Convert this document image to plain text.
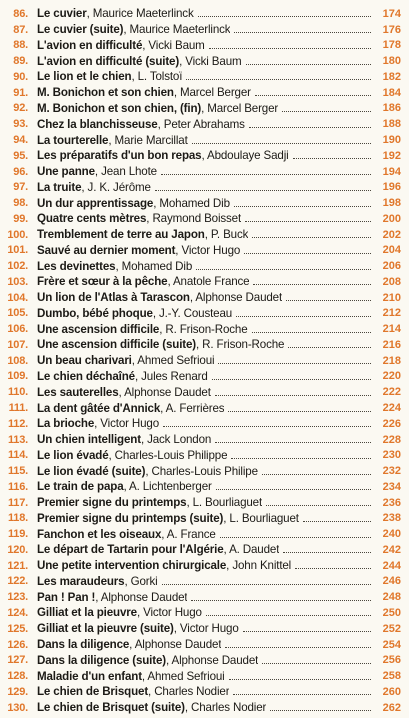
86. Le cuvier, Maurice Maeterlinck	174
87. Le cuvier (suite), Maurice Maeterlinck	176
88. L'avion en difficulté, Vicki Baum	178
89. L'avion en difficulté (suite), Vicki Baum	180
90. Le lion et le chien, L. Tolstoï	182
91. M. Bonichon et son chien, Marcel Berger	184
92. M. Bonichon et son chien, (fin), Marcel Berger	186
93. Chez la blanchisseuse, Peter Abrahams	188
94. La tourterelle, Marie Marcillat	190
95. Les préparatifs d'un bon repas, Abdoulaye Sadji	192
96. Une panne, Jean Lhote	194
97. La truite, J. K. Jérôme	196
98. Un dur apprentissage, Mohamed Dib	198
99. Quatre cents mètres, Raymond Boisset	200
100. Tremblement de terre au Japon, P. Buck	202
101. Sauvé au dernier moment, Victor Hugo	204
102. Les devinettes, Mohamed Dib	206
103. Frère et sœur à la pêche, Anatole France	208
104. Un lion de l'Atlas à Tarascon, Alphonse Daudet	210
105. Dumbo, bébé phoque, J.-Y. Cousteau	212
106. Une ascension difficile, R. Frison-Roche	214
107. Une ascension difficile (suite), R. Frison-Roche	216
108. Un beau charivari, Ahmed Sefrioui	218
109. Le chien déchaîné, Jules Renard	220
110. Les sauterelles, Alphonse Daudet	222
111. La dent gâtée d'Annick, A. Ferrières	224
112. La brioche, Victor Hugo	226
113. Un chien intelligent, Jack London	228
114. Le lion évadé, Charles-Louis Philippe	230
115. Le lion évadé (suite), Charles-Louis Philipe	232
116. Le train de papa, A. Lichtenberger	234
117. Premier signe du printemps, L. Bourliaguet	236
118. Premier signe du printemps (suite), L. Bourliaguet	238
119. Fanchon et les oiseaux, A. France	240
120. Le départ de Tartarin pour l'Algérie, A. Daudet	242
121. Une petite intervention chirurgicale, John Knittel	244
122. Les maraudeurs, Gorki	246
123. Pan ! Pan !, Alphonse Daudet	248
124. Gilliat et la pieuvre, Victor Hugo	250
125. Gilliat et la pieuvre (suite), Victor Hugo	252
126. Dans la diligence, Alphonse Daudet	254
127. Dans la diligence (suite), Alphonse Daudet	256
128. Maladie d'un enfant, Ahmed Sefrioui	258
129. Le chien de Brisquet, Charles Nodier	260
130. Le chien de Brisquet (suite), Charles Nodier	262
